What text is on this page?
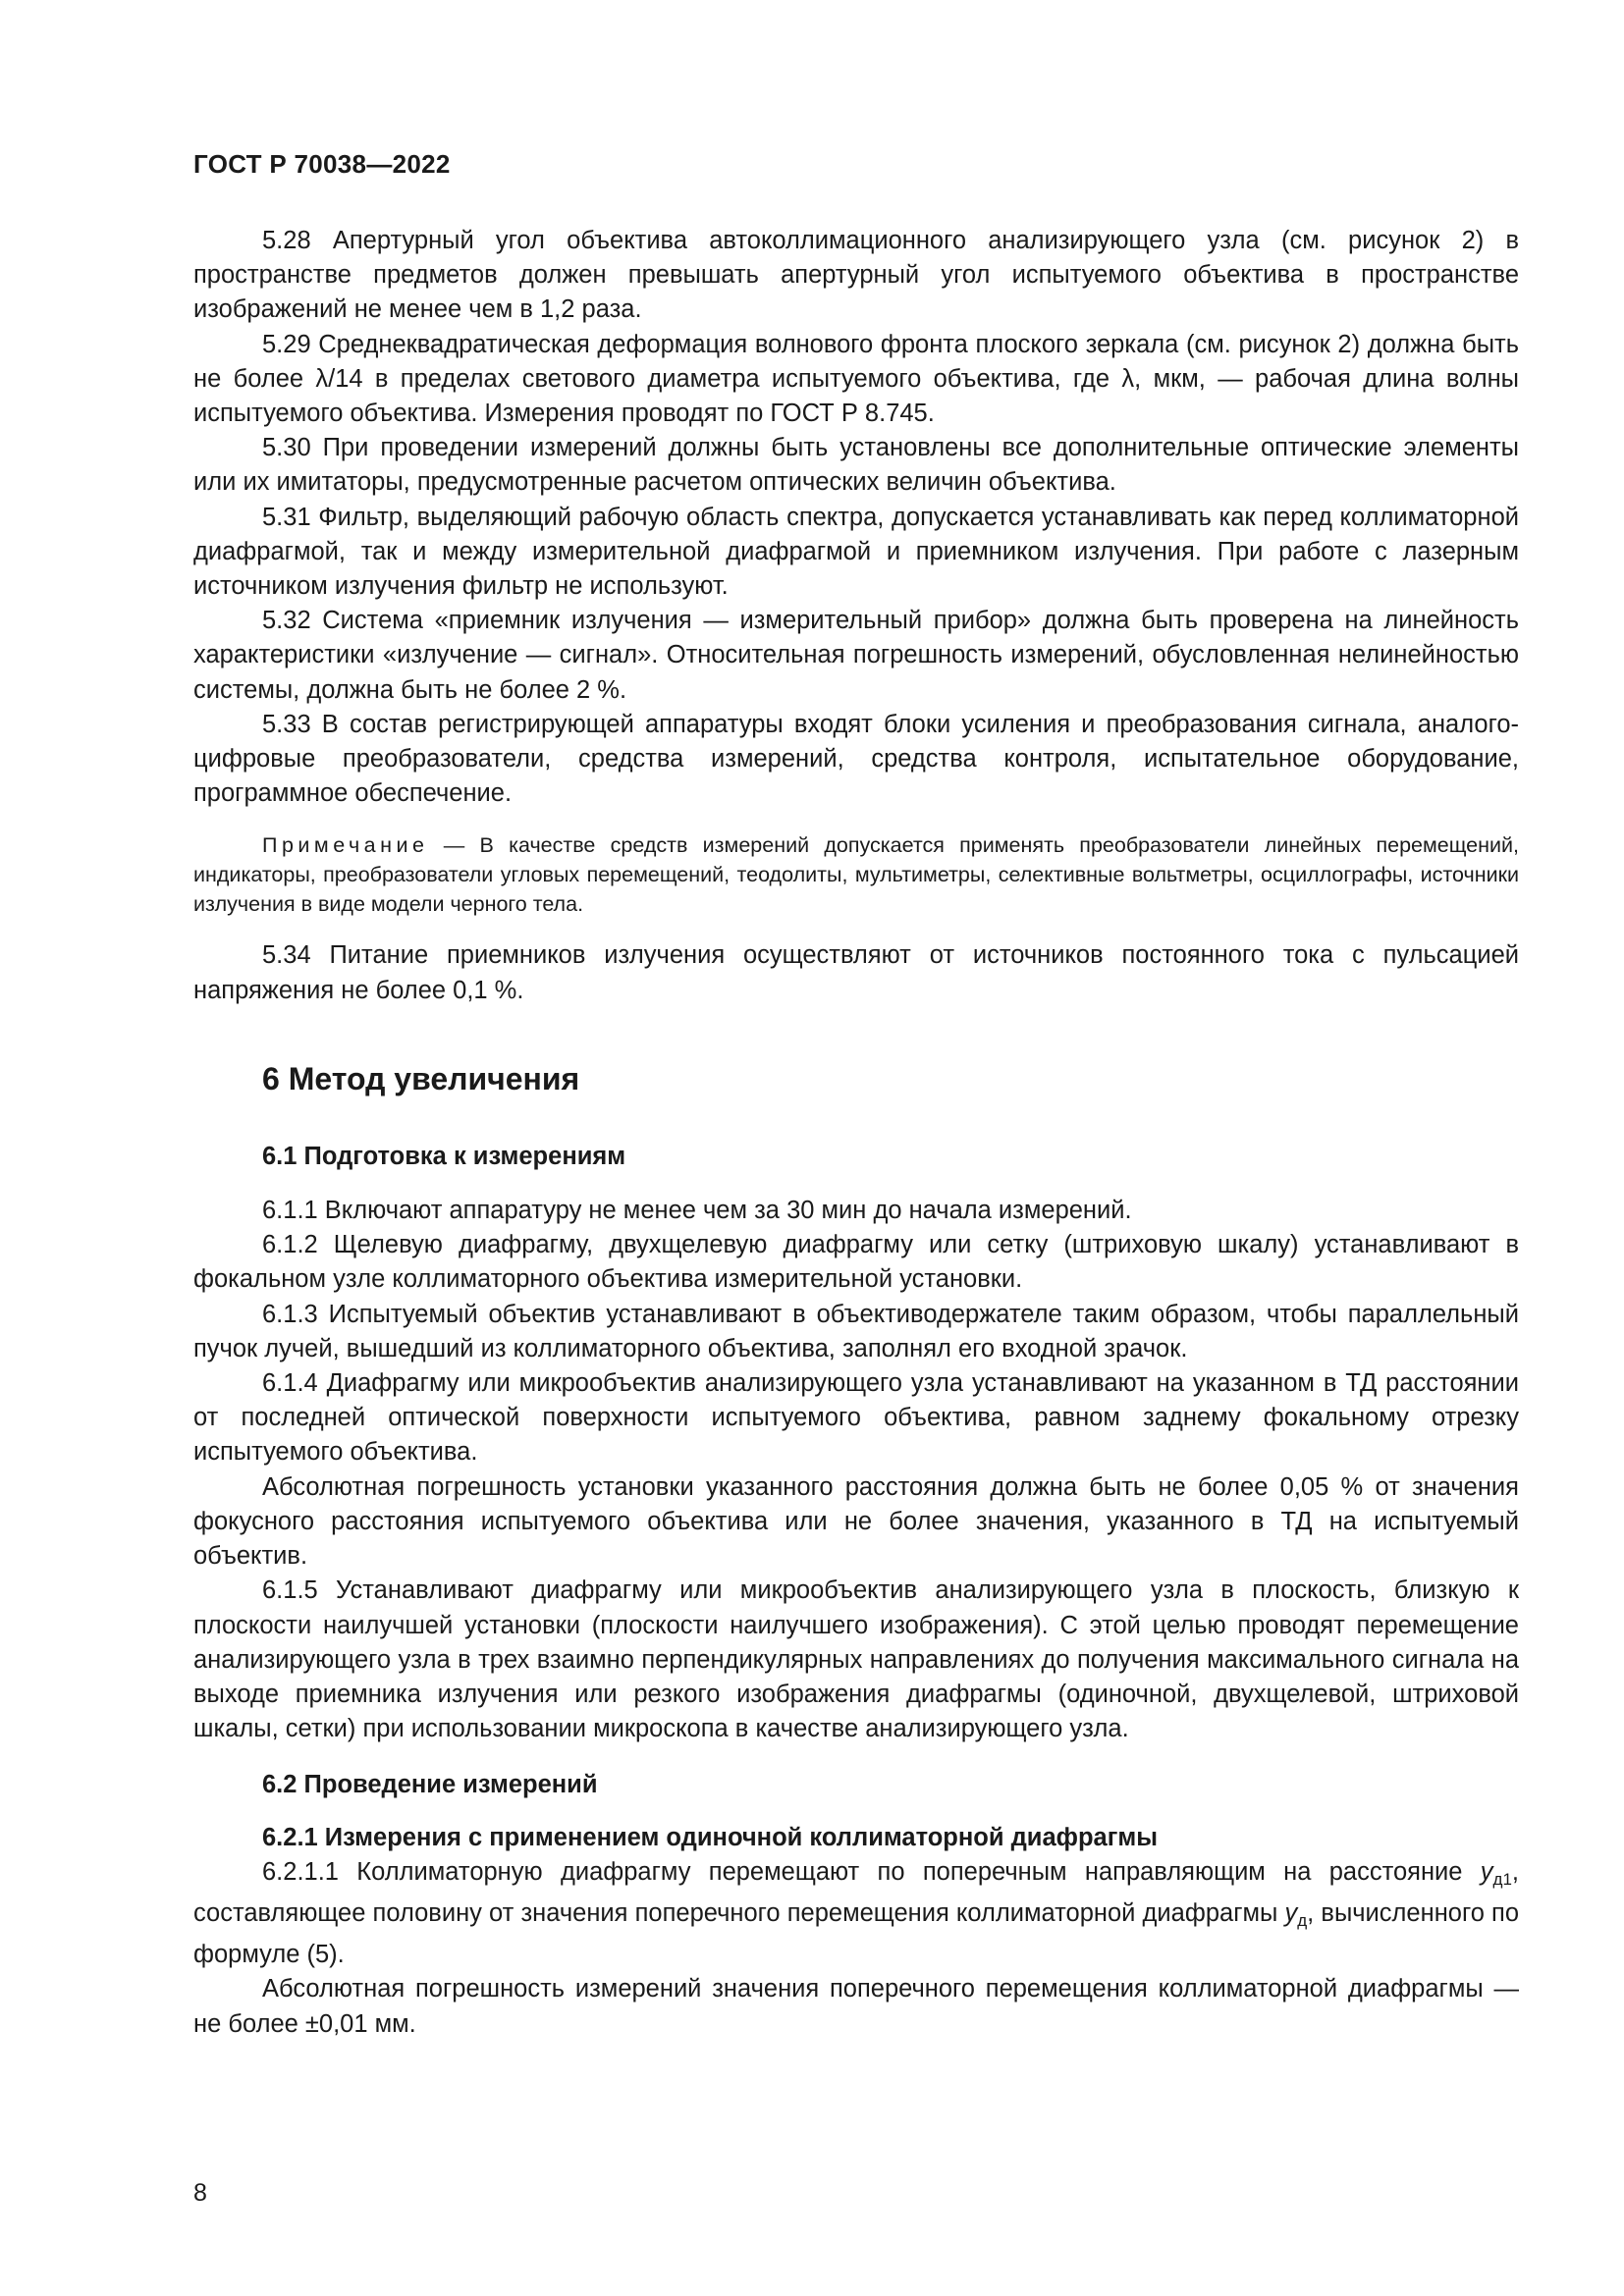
ГОСТ Р 70038—2022

5.28 Апертурный угол объектива автоколлимационного анализирующего узла (см. рисунок 2) в пространстве предметов должен превышать апертурный угол испытуемого объектива в пространстве изображений не менее чем в 1,2 раза.

5.29 Среднеквадратическая деформация волнового фронта плоского зеркала (см. рисунок 2) должна быть не более λ/14 в пределах светового диаметра испытуемого объектива, где λ, мкм, — рабочая длина волны испытуемого объектива. Измерения проводят по ГОСТ Р 8.745.

5.30 При проведении измерений должны быть установлены все дополнительные оптические элементы или их имитаторы, предусмотренные расчетом оптических величин объектива.

5.31 Фильтр, выделяющий рабочую область спектра, допускается устанавливать как перед коллиматорной диафрагмой, так и между измерительной диафрагмой и приемником излучения. При работе с лазерным источником излучения фильтр не используют.

5.32 Система «приемник излучения — измерительный прибор» должна быть проверена на линейность характеристики «излучение — сигнал». Относительная погрешность измерений, обусловленная нелинейностью системы, должна быть не более 2 %.

5.33 В состав регистрирующей аппаратуры входят блоки усиления и преобразования сигнала, аналого-цифровые преобразователи, средства измерений, средства контроля, испытательное оборудование, программное обеспечение.

Примечание — В качестве средств измерений допускается применять преобразователи линейных перемещений, индикаторы, преобразователи угловых перемещений, теодолиты, мультиметры, селективные вольтметры, осциллографы, источники излучения в виде модели черного тела.

5.34 Питание приемников излучения осуществляют от источников постоянного тока с пульсацией напряжения не более 0,1 %.

6 Метод увеличения
6.1 Подготовка к измерениям

6.1.1 Включают аппаратуру не менее чем за 30 мин до начала измерений.

6.1.2 Щелевую диафрагму, двухщелевую диафрагму или сетку (штриховую шкалу) устанавливают в фокальном узле коллиматорного объектива измерительной установки.

6.1.3 Испытуемый объектив устанавливают в объективодержателе таким образом, чтобы параллельный пучок лучей, вышедший из коллиматорного объектива, заполнял его входной зрачок.

6.1.4 Диафрагму или микрообъектив анализирующего узла устанавливают на указанном в ТД расстоянии от последней оптической поверхности испытуемого объектива, равном заднему фокальному отрезку испытуемого объектива.

Абсолютная погрешность установки указанного расстояния должна быть не более 0,05 % от значения фокусного расстояния испытуемого объектива или не более значения, указанного в ТД на испытуемый объектив.

6.1.5 Устанавливают диафрагму или микрообъектив анализирующего узла в плоскость, близкую к плоскости наилучшей установки (плоскости наилучшего изображения). С этой целью проводят перемещение анализирующего узла в трех взаимно перпендикулярных направлениях до получения максимального сигнала на выходе приемника излучения или резкого изображения диафрагмы (одиночной, двухщелевой, штриховой шкалы, сетки) при использовании микроскопа в качестве анализирующего узла.

6.2 Проведение измерений
6.2.1 Измерения с применением одиночной коллиматорной диафрагмы

6.2.1.1 Коллиматорную диафрагму перемещают по поперечным направляющим на расстояние $y_{д1}$, составляющее половину от значения поперечного перемещения коллиматорной диафрагмы $y_д$, вычисленного по формуле (5).

Абсолютная погрешность измерений значения поперечного перемещения коллиматорной диафрагмы — не более ±0,01 мм.

8
